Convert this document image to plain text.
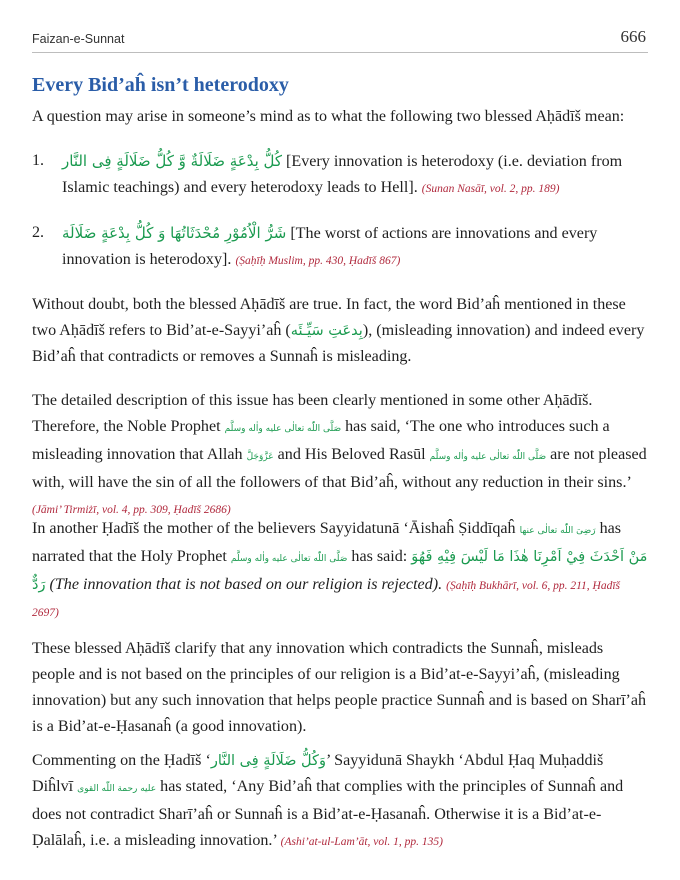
Faizan-e-Sunnat	666
Every Bid’aĥ isn’t heterodoxy

A question may arise in someone’s mind as to what the following two blessed Aḥādīš mean:

1. كُلُّ بِدْعَةٍ ضَلَالَةٌ وَّ كُلُّ ضَلَالَةٍ فِى النَّار [Every innovation is heterodoxy (i.e. deviation from Islamic teachings) and every heterodoxy leads to Hell]. (Sunan Nasāī, vol. 2, pp. 189)
2. شَرُّ الْاُمُوْرِ مُحْدَثَاتُهَا وَ كُلُّ بِدْعَةٍ ضَلَالَة [The worst of actions are innovations and every innovation is heterodoxy]. (Ṣaḥīḥ Muslim, pp. 430, Ḥadīš 867)

Without doubt, both the blessed Aḥādīš are true. In fact, the word Bid’aĥ mentioned in these two Aḥādīš refers to Bid’at-e-Sayyi’aĥ (بِدعَتِ سَيِّـئَه), (misleading innovation) and indeed every Bid’aĥ that contradicts or removes a Sunnaĥ is misleading.

The detailed description of this issue has been clearly mentioned in some other Aḥādīš. Therefore, the Noble Prophet صَلَّى اللّٰه تعالٰى عليه واٰله وسلَّم has said, ‘The one who introduces such a misleading innovation that Allah عَزَّوَجَلَّ and His Beloved Rasūl صَلَّى اللّٰه تعالٰى عليه واٰله وسلَّم are not pleased with, will have the sin of all the followers of that Bid’aĥ, without any reduction in their sins.’ (Jāmi’ Tirmiżī, vol. 4, pp. 309, Ḥadīš 2686)

In another Ḥadīš the mother of the believers Sayyidatunā ‘Āishaĥ Ṣiddīqaĥ رَضِىَ اللّٰه تعالٰى عنها has narrated that the Holy Prophet صَلَّى اللّٰه تعالٰى عليه واٰله وسلَّم has said: مَنْ اَحْدَثَ فِيْ اَمْرِنَا هٰذَا مَا لَيْسَ فِيْهِ فَهُوَ رَدٌّ (The innovation that is not based on our religion is rejected). (Ṣaḥīḥ Bukhārī, vol. 6, pp. 211, Ḥadīš 2697)

These blessed Aḥādīš clarify that any innovation which contradicts the Sunnaĥ, misleads people and is not based on the principles of our religion is a Bid’at-e-Sayyi’aĥ, (misleading innovation) but any such innovation that helps people practice Sunnaĥ and is based on Sharī’aĥ is a Bid’at-e-Ḥasanaĥ (a good innovation).

Commenting on the Ḥadīš ‘وَكُلُّ ضَلَالَةٍ فِى النَّار’ Sayyidunā Shaykh ‘Abdul Ḥaq Muḥaddiš Diĥlvī عليه رحمة اللّٰه القوى has stated, ‘Any Bid’aĥ that complies with the principles of Sunnaĥ and does not contradict Sharī’aĥ or Sunnaĥ is a Bid’at-e-Ḥasanaĥ. Otherwise it is a Bid’at-e-Ḍalālaĥ, i.e. a misleading innovation.’ (Ashi’at-ul-Lam’āt, vol. 1, pp. 135)
